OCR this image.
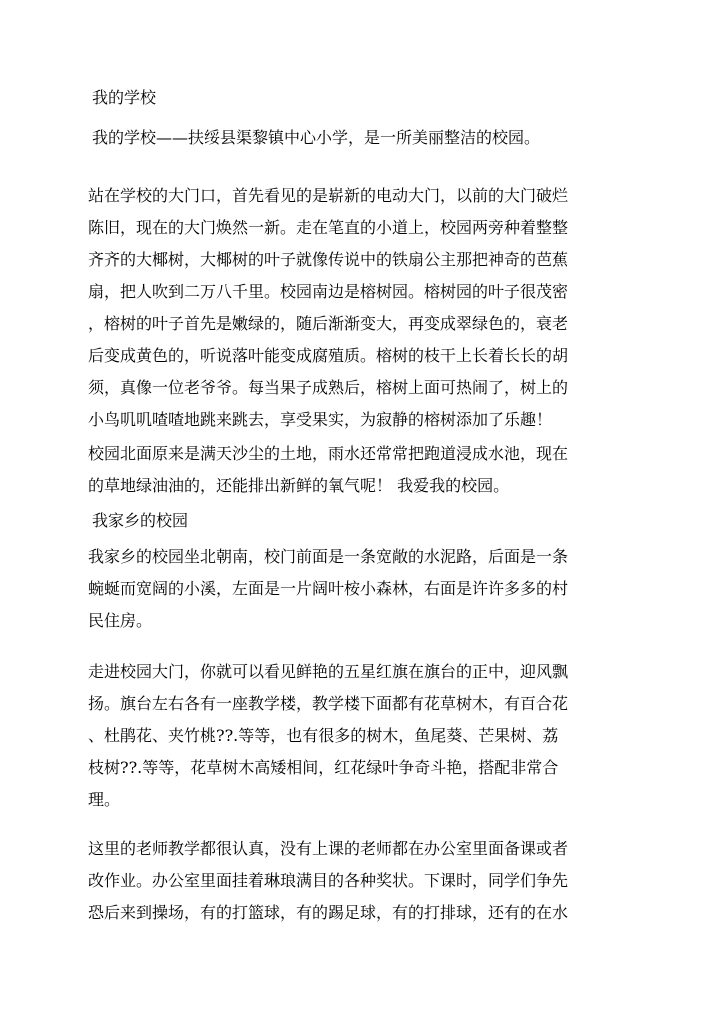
我的学校
我的学校——扶绥县渠黎镇中心小学，是一所美丽整洁的校园。
站在学校的大门口，首先看见的是崭新的电动大门，以前的大门破烂
陈旧，现在的大门焕然一新。走在笔直的小道上，校园两旁种着整整
齐齐的大椰树，大椰树的叶子就像传说中的铁扇公主那把神奇的芭蕉
扇，把人吹到二万八千里。校园南边是榕树园。榕树园的叶子很茂密
，榕树的叶子首先是嫩绿的，随后渐渐变大，再变成翠绿色的，衰老
后变成黄色的，听说落叶能变成腐殖质。榕树的枝干上长着长长的胡
须，真像一位老爷爷。每当果子成熟后，榕树上面可热闹了，树上的
小鸟叽叽喳喳地跳来跳去，享受果实，为寂静的榕树添加了乐趣！
校园北面原来是满天沙尘的土地，雨水还常常把跑道浸成水池，现在
的草地绿油油的，还能排出新鲜的氧气呢！ 我爱我的校园。
我家乡的校园
我家乡的校园坐北朝南，校门前面是一条宽敞的水泥路，后面是一条
蜿蜒而宽阔的小溪，左面是一片阔叶桉小森林，右面是许许多多的村
民住房。
走进校园大门，你就可以看见鲜艳的五星红旗在旗台的正中，迎风飘
扬。旗台左右各有一座教学楼，教学楼下面都有花草树木，有百合花
、杜鹃花、夹竹桃??.等等，也有很多的树木，鱼尾葵、芒果树、荔
枝树??.等等，花草树木高矮相间，红花绿叶争奇斗艳，搭配非常合
理。
这里的老师教学都很认真，没有上课的老师都在办公室里面备课或者
改作业。办公室里面挂着琳琅满目的各种奖状。下课时，同学们争先
恐后来到操场，有的打篮球，有的踢足球，有的打排球，还有的在水
